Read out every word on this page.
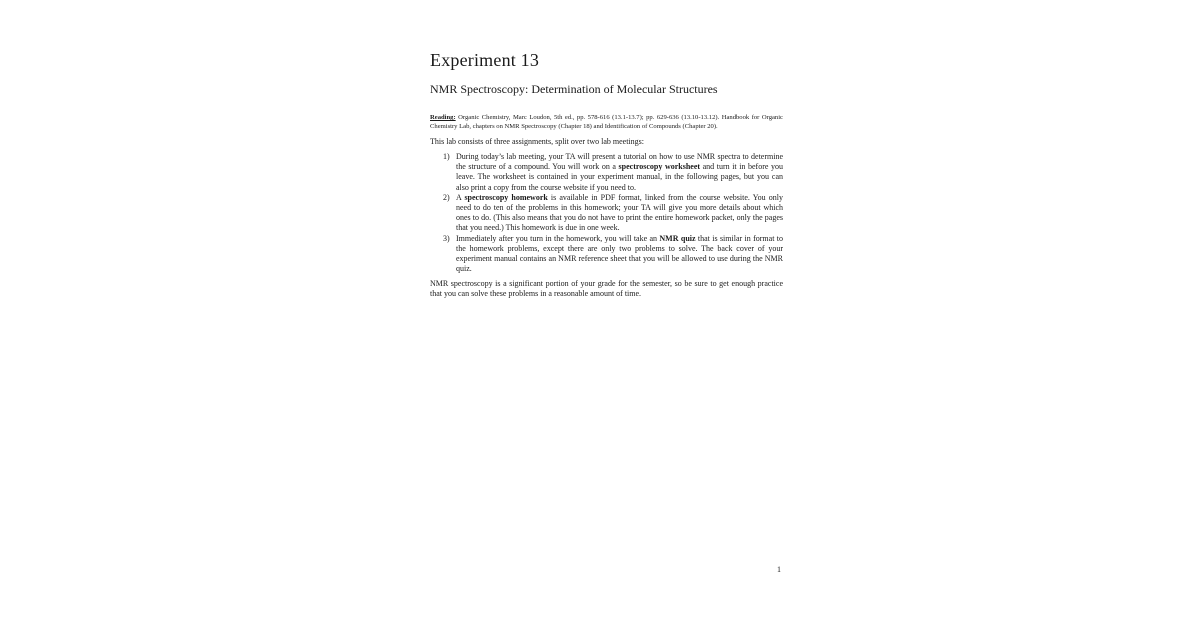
Experiment 13
NMR Spectroscopy: Determination of Molecular Structures
Reading: Organic Chemistry, Marc Loudon, 5th ed., pp. 578-616 (13.1-13.7); pp. 629-636 (13.10-13.12). Handbook for Organic Chemistry Lab, chapters on NMR Spectroscopy (Chapter 18) and Identification of Compounds (Chapter 20).
This lab consists of three assignments, split over two lab meetings:
1) During today’s lab meeting, your TA will present a tutorial on how to use NMR spectra to determine the structure of a compound. You will work on a spectroscopy worksheet and turn it in before you leave. The worksheet is contained in your experiment manual, in the following pages, but you can also print a copy from the course website if you need to.
2) A spectroscopy homework is available in PDF format, linked from the course website. You only need to do ten of the problems in this homework; your TA will give you more details about which ones to do. (This also means that you do not have to print the entire homework packet, only the pages that you need.) This homework is due in one week.
3) Immediately after you turn in the homework, you will take an NMR quiz that is similar in format to the homework problems, except there are only two problems to solve. The back cover of your experiment manual contains an NMR reference sheet that you will be allowed to use during the NMR quiz.
NMR spectroscopy is a significant portion of your grade for the semester, so be sure to get enough practice that you can solve these problems in a reasonable amount of time.
1
